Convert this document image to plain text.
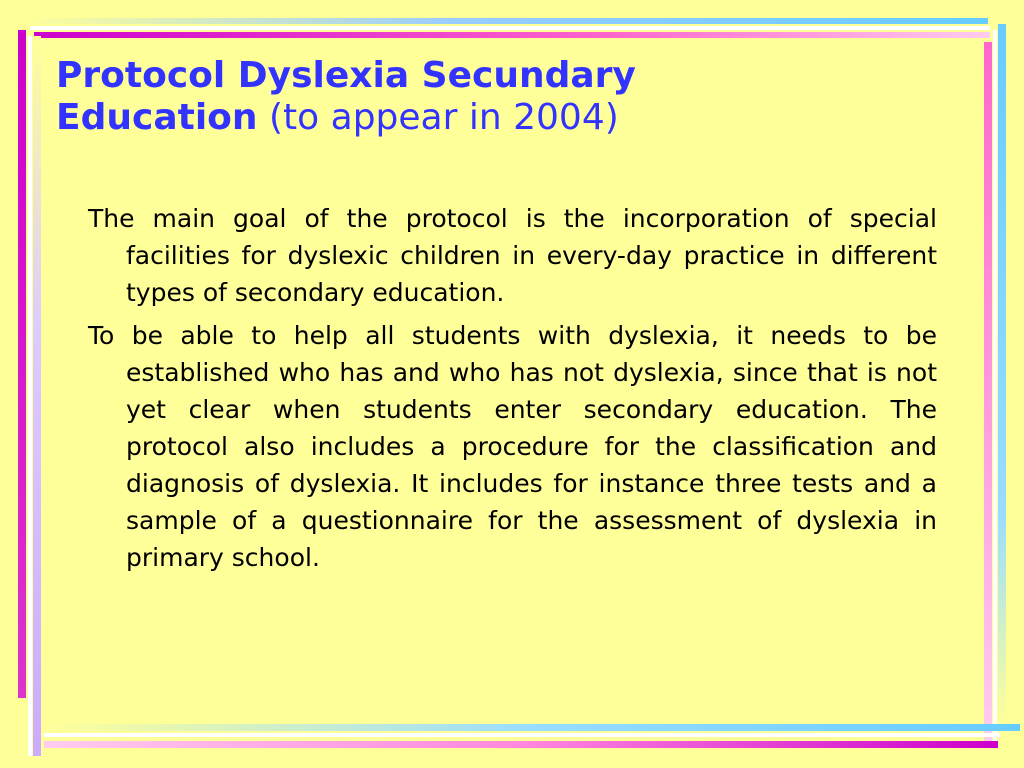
Protocol Dyslexia Secundary
Education (to appear in 2004)

The main goal of the protocol is the incorporation of special facilities for dyslexic children in every-day practice in different types of secondary education.

To be able to help all students with dyslexia, it needs to be established who has and who has not dyslexia, since that is not yet clear when students enter secondary education. The protocol also includes a procedure for the classification and diagnosis of dyslexia. It includes for instance three tests and a sample of a questionnaire for the assessment of dyslexia in primary school.
